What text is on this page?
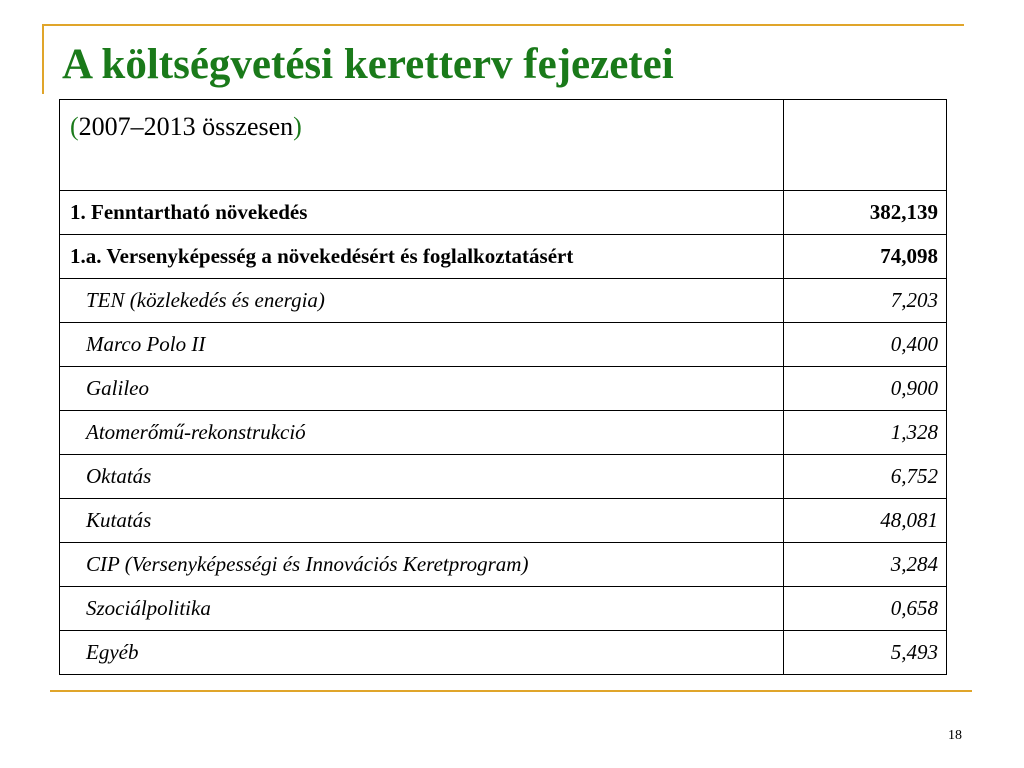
A költségvetési keretterv fejezetei
(2007–2013 összesen)	
1. Fenntartható növekedés	382,139
1.a. Versenyképesség a növekedésért és foglalkoztatásért	74,098
TEN (közlekedés és energia)	7,203
Marco Polo II	0,400
Galileo	0,900
Atomerőmű-rekonstrukció	1,328
Oktatás	6,752
Kutatás	48,081
CIP (Versenyképességi és Innovációs Keretprogram)	3,284
Szociálpolitika	0,658
Egyéb	5,493
18
